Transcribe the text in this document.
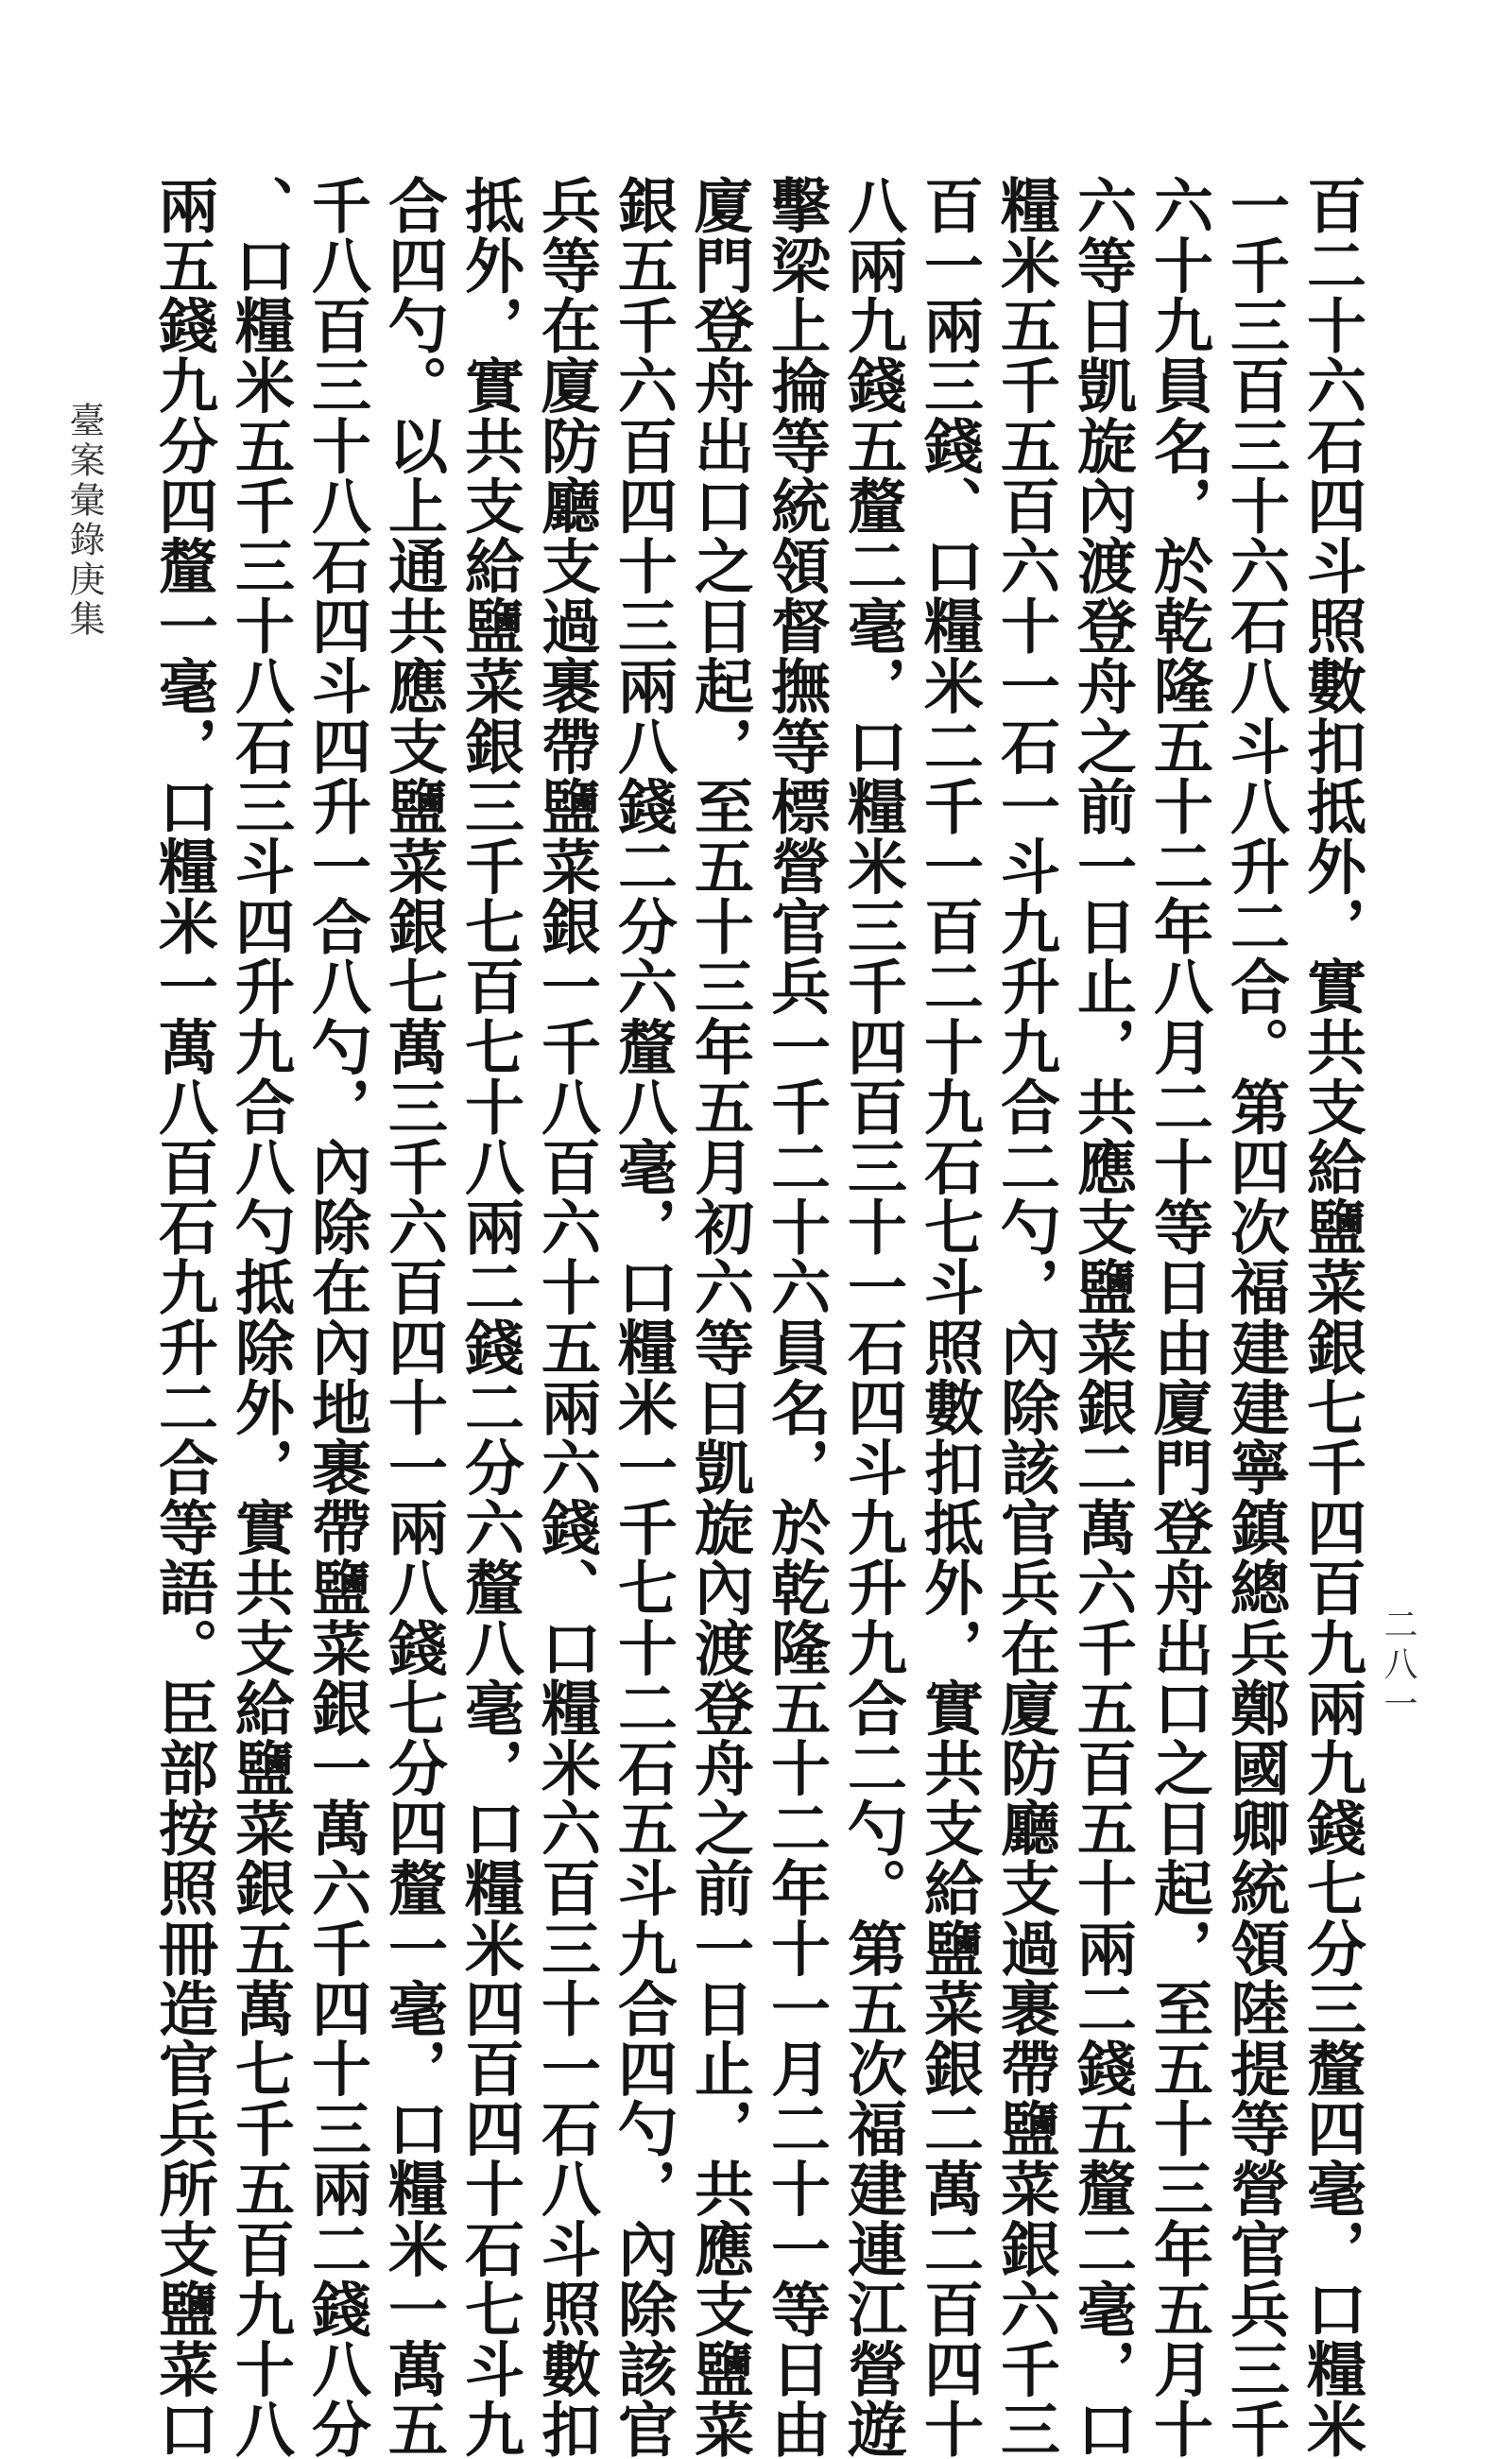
百二十六石四斗照數扣抵外，實共支給鹽菜銀七千四百九兩九錢七分三釐四毫，口糧米
一千三百三十六石八斗八升二合。第四次福建建寧鎮總兵鄭國卿統領陸提等營官兵三千
六十九員名，於乾隆五十二年八月二十等日由廈門登舟出口之日起，至五十三年五月十
六等日凱旋內渡登舟之前一日止，共應支鹽菜銀二萬六千五百五十兩二錢五釐二毫，口
糧米五千五百六十一石一斗九升九合二勺，內除該官兵在廈防廳支過裹帶鹽菜銀六千三
百一兩三錢、口糧米二千一百二十九石七斗照數扣抵外，實共支給鹽菜銀二萬二百四十
八兩九錢五釐二毫，口糧米三千四百三十一石四斗九升九合二勺。第五次福建連江營遊
擊梁上掄等統領督撫等標營官兵一千二十六員名，於乾隆五十二年十一月二十一等日由
廈門登舟出口之日起，至五十三年五月初六等日凱旋內渡登舟之前一日止，共應支鹽菜
銀五千六百四十三兩八錢二分六釐八毫，口糧米一千七十二石五斗九合四勺，內除該官
兵等在廈防廳支過裹帶鹽菜銀一千八百六十五兩六錢、口糧米六百三十一石八斗照數扣
抵外，實共支給鹽菜銀三千七百七十八兩二錢二分六釐八毫，口糧米四百四十石七斗九
合四勺。以上通共應支鹽菜銀七萬三千六百四十一兩八錢七分四釐一毫，口糧米一萬五
千八百三十八石四斗四升一合八勺，內除在內地裹帶鹽菜銀一萬六千四十三兩二錢八分
、口糧米五千三十八石三斗四升九合八勺抵除外，實共支給鹽菜銀五萬七千五百九十八
兩五錢九分四釐一毫，口糧米一萬八百石九升二合等語。臣部按照冊造官兵所支鹽菜口
臺案彙錄庚集
二八一
